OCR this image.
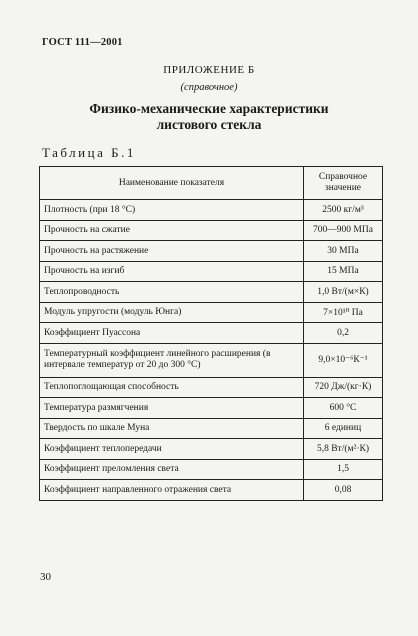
ГОСТ 111—2001
ПРИЛОЖЕНИЕ Б
(справочное)
Физико-механические характеристики
листового стекла
Таблица Б.1
Наименование показателя	Справочное значение
Плотность (при 18 °С)	2500 кг/м³
Прочность на сжатие	700—900 МПа
Прочность на растяжение	30 МПа
Прочность на изгиб	15 МПа
Теплопроводность	1,0 Вт/(м×К)
Модуль упругости (модуль Юнга)	7×10¹⁰ Па
Коэффициент Пуассона	0,2
Температурный коэффициент линейного расширения (в интервале температур от 20 до 300 °С)	9,0×10⁻⁶К⁻¹
Теплопоглощающая способность	720 Дж/(кг·К)
Температура размягчения	600 °С
Твердость по шкале Муна	6 единиц
Коэффициент теплопередачи	5,8 Вт/(м²·К)
Коэффициент преломления света	1,5
Коэффициент направленного отражения света	0,08
30
